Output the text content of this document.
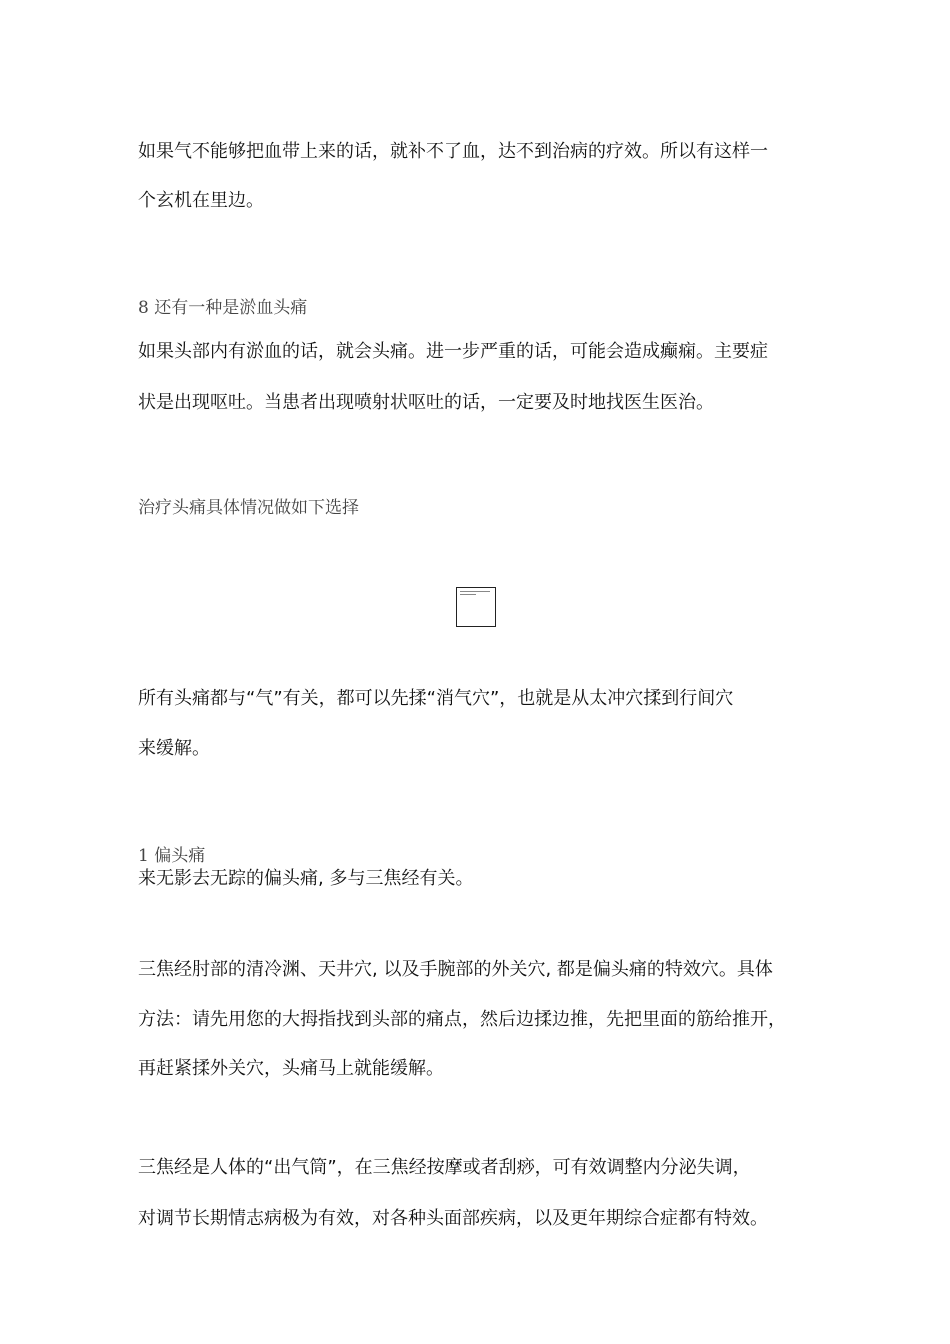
如果气不能够把血带上来的话，就补不了血，达不到治病的疗效。所以有这样一
个玄机在里边。
8 还有一种是淤血头痛
如果头部内有淤血的话，就会头痛。进一步严重的话，可能会造成癫痫。主要症
状是出现呕吐。当患者出现喷射状呕吐的话，一定要及时地找医生医治。
治疗头痛具体情况做如下选择
所有头痛都与“气”有关，都可以先揉“消气穴”，也就是从太冲穴揉到行间穴
来缓解。
1 偏头痛
来无影去无踪的偏头痛, 多与三焦经有关。
三焦经肘部的清冷渊、天井穴, 以及手腕部的外关穴, 都是偏头痛的特效穴。具体
方法：请先用您的大拇指找到头部的痛点，然后边揉边推，先把里面的筋给推开，
再赶紧揉外关穴，头痛马上就能缓解。
三焦经是人体的“出气筒”，在三焦经按摩或者刮痧，可有效调整内分泌失调，
对调节长期情志病极为有效，对各种头面部疾病，以及更年期综合症都有特效。
